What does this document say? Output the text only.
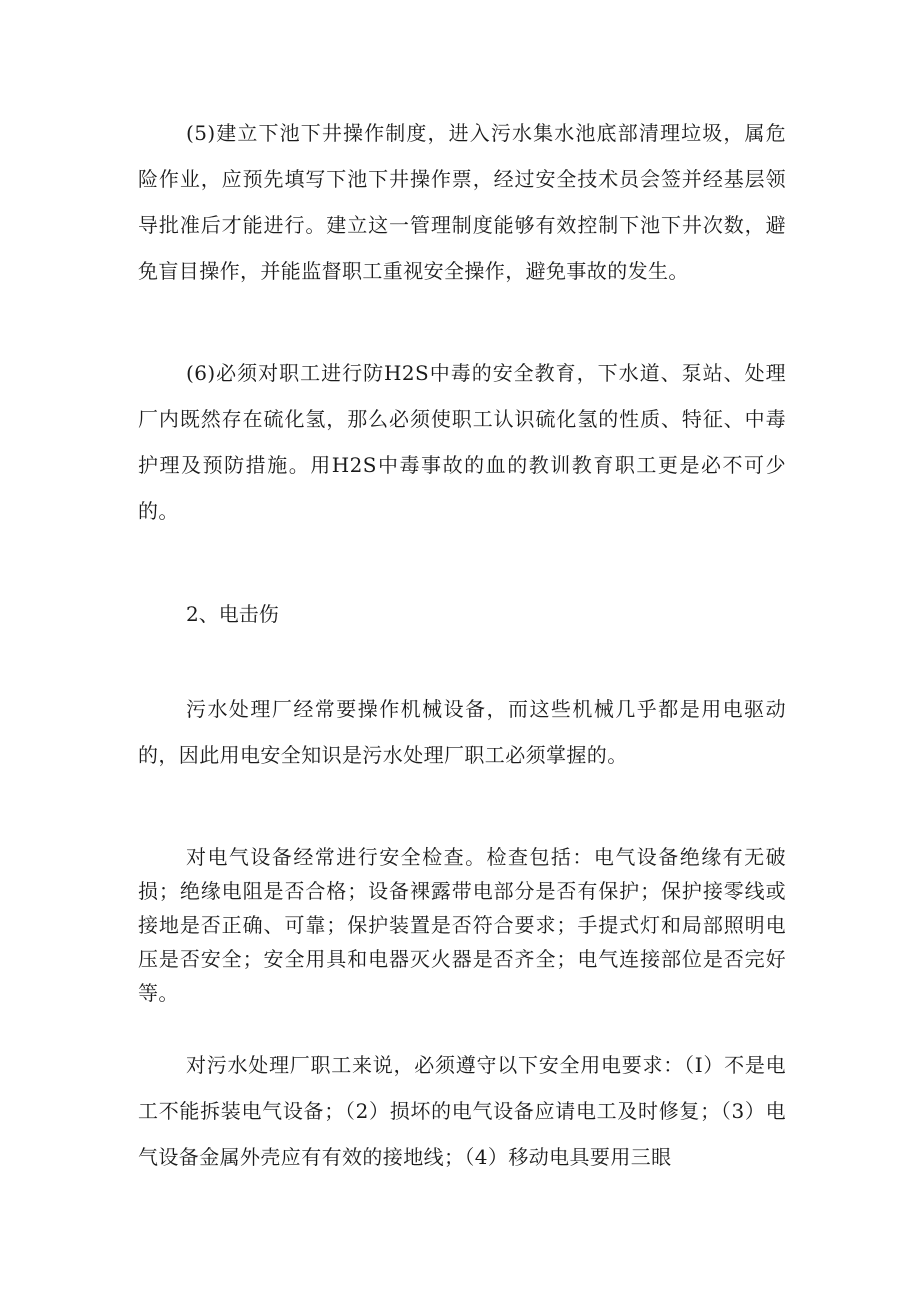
(5)建立下池下井操作制度，进入污水集水池底部清理垃圾，属危险作业，应预先填写下池下井操作票，经过安全技术员会签并经基层领导批准后才能进行。建立这一管理制度能够有效控制下池下井次数，避免盲目操作，并能监督职工重视安全操作，避免事故的发生。

(6)必须对职工进行防H2S中毒的安全教育，下水道、泵站、处理厂内既然存在硫化氢，那么必须使职工认识硫化氢的性质、特征、中毒护理及预防措施。用H2S中毒事故的血的教训教育职工更是必不可少的。

2、电击伤

污水处理厂经常要操作机械设备，而这些机械几乎都是用电驱动的，因此用电安全知识是污水处理厂职工必须掌握的。

对电气设备经常进行安全检查。检查包括：电气设备绝缘有无破损；绝缘电阻是否合格；设备裸露带电部分是否有保护；保护接零线或接地是否正确、可靠；保护装置是否符合要求；手提式灯和局部照明电压是否安全；安全用具和电器灭火器是否齐全；电气连接部位是否完好等。

对污水处理厂职工来说，必须遵守以下安全用电要求：（I）不是电工不能拆装电气设备；（2）损坏的电气设备应请电工及时修复；（3）电气设备金属外壳应有有效的接地线；（4）移动电具要用三眼
